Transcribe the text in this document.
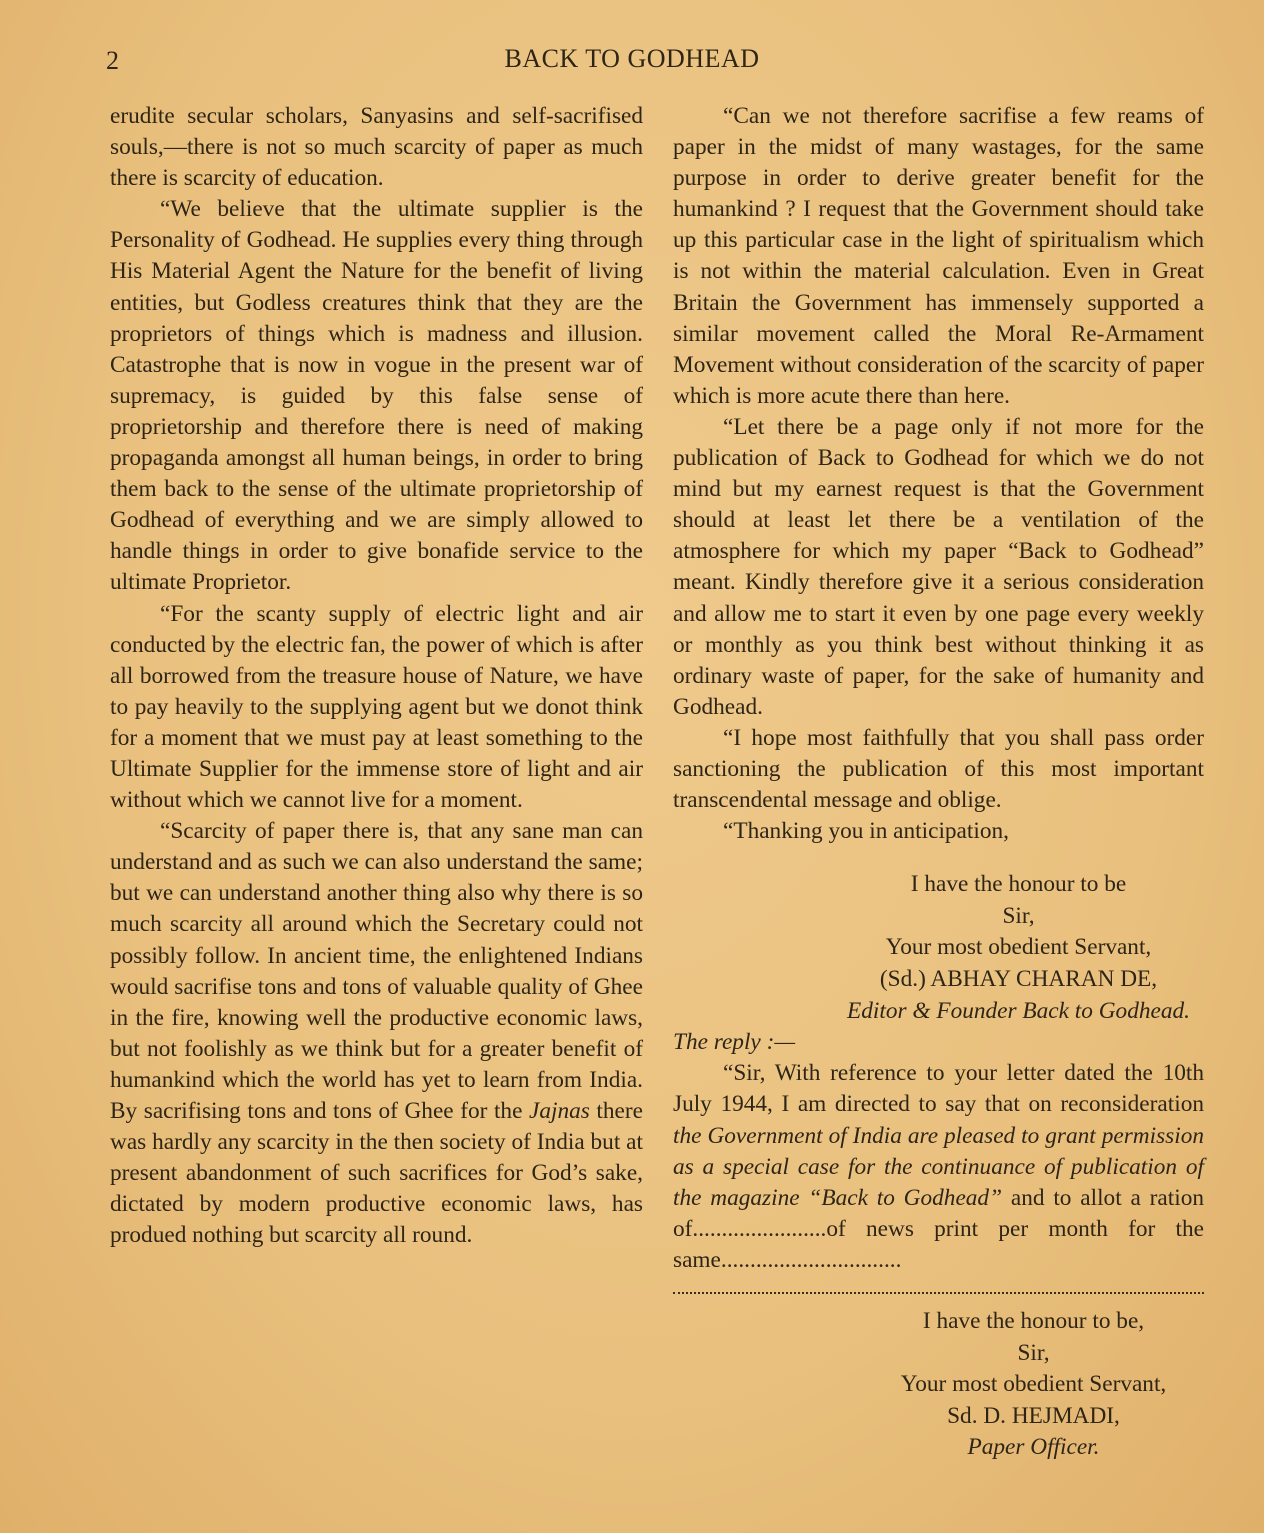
2	BACK TO GODHEAD

erudite secular scholars, Sanyasins and self-sacrifised souls,—there is not so much scarcity of paper as much there is scarcity of education.

“We believe that the ultimate supplier is the Personality of Godhead. He supplies every thing through His Material Agent the Nature for the benefit of living entities, but Godless creatures think that they are the proprietors of things which is madness and illusion. Catastrophe that is now in vogue in the present war of supremacy, is guided by this false sense of proprietorship and therefore there is need of making propaganda amongst all human beings, in order to bring them back to the sense of the ultimate proprietorship of Godhead of everything and we are simply allowed to handle things in order to give bonafide service to the ultimate Proprietor.

“For the scanty supply of electric light and air conducted by the electric fan, the power of which is after all borrowed from the treasure house of Nature, we have to pay heavily to the supplying agent but we donot think for a moment that we must pay at least something to the Ultimate Supplier for the immense store of light and air without which we cannot live for a moment.

“Scarcity of paper there is, that any sane man can understand and as such we can also understand the same; but we can understand another thing also why there is so much scarcity all around which the Secretary could not possibly follow. In ancient time, the enlightened Indians would sacrifise tons and tons of valuable quality of Ghee in the fire, knowing well the productive economic laws, but not foolishly as we think but for a greater benefit of humankind which the world has yet to learn from India. By sacrifising tons and tons of Ghee for the Jajnas there was hardly any scarcity in the then society of India but at present abandonment of such sacrifices for God’s sake, dictated by modern productive economic laws, has produed nothing but scarcity all round.

“Can we not therefore sacrifise a few reams of paper in the midst of many wastages, for the same purpose in order to derive greater benefit for the humankind ? I request that the Government should take up this particular case in the light of spiritualism which is not within the material calculation. Even in Great Britain the Government has immensely supported a similar movement called the Moral Re-Armament Movement without consideration of the scarcity of paper which is more acute there than here.

“Let there be a page only if not more for the publication of Back to Godhead for which we do not mind but my earnest request is that the Government should at least let there be a ventilation of the atmosphere for which my paper “Back to Godhead” meant. Kindly therefore give it a serious consideration and allow me to start it even by one page every weekly or monthly as you think best without thinking it as ordinary waste of paper, for the sake of humanity and Godhead.

“I hope most faithfully that you shall pass order sanctioning the publication of this most important transcendental message and oblige.

“Thanking you in anticipation,

I have the honour to be
Sir,
Your most obedient Servant,
(Sd.) ABHAY CHARAN DE,
Editor & Founder Back to Godhead.

The reply :—

“Sir, With reference to your letter dated the 10th July 1944, I am directed to say that on reconsideration the Government of India are pleased to grant permission as a special case for the continuance of publication of the magazine “Back to Godhead” and to allot a ration of.......................of news print per month for the same...............................

I have the honour to be,
Sir,
Your most obedient Servant,
Sd. D. HEJMADI,
Paper Officer.
